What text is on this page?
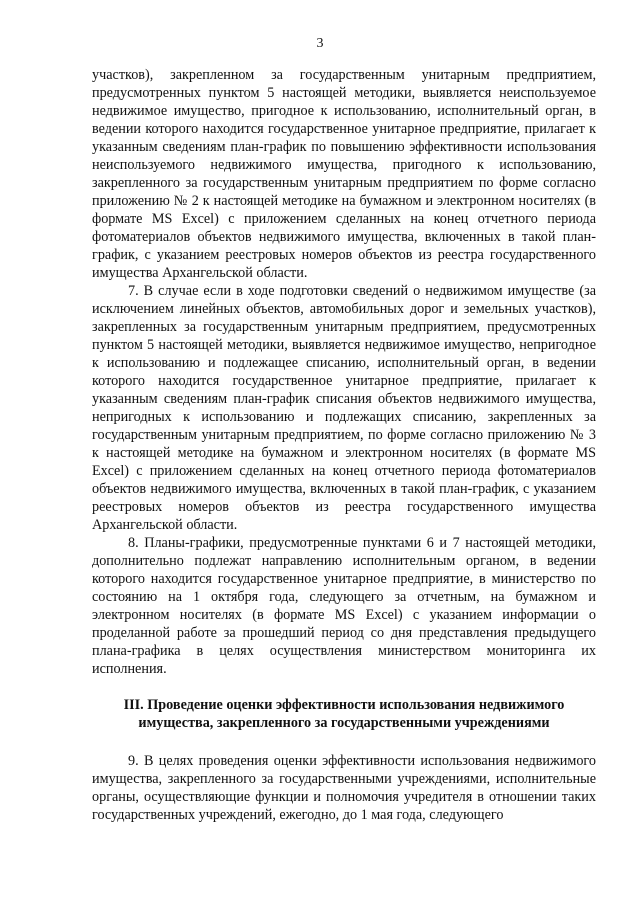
3

участков), закрепленном за государственным унитарным предприятием, предусмотренных пунктом 5 настоящей методики, выявляется неиспользуемое недвижимое имущество, пригодное к использованию, исполнительный орган, в ведении которого находится государственное унитарное предприятие, прилагает к указанным сведениям план-график по повышению эффективности использования неиспользуемого недвижимого имущества, пригодного к использованию, закрепленного за государственным унитарным предприятием по форме согласно приложению № 2 к настоящей методике на бумажном и электронном носителях (в формате MS Excel) с приложением сделанных на конец отчетного периода фотоматериалов объектов недвижимого имущества, включенных в такой план-график, с указанием реестровых номеров объектов из реестра государственного имущества Архангельской области.

7. В случае если в ходе подготовки сведений о недвижимом имуществе (за исключением линейных объектов, автомобильных дорог и земельных участков), закрепленных за государственным унитарным предприятием, предусмотренных пунктом 5 настоящей методики, выявляется недвижимое имущество, непригодное к использованию и подлежащее списанию, исполнительный орган, в ведении которого находится государственное унитарное предприятие, прилагает к указанным сведениям план-график списания объектов недвижимого имущества, непригодных к использованию и подлежащих списанию, закрепленных за государственным унитарным предприятием, по форме согласно приложению № 3 к настоящей методике на бумажном и электронном носителях (в формате MS Excel) с приложением сделанных на конец отчетного периода фотоматериалов объектов недвижимого имущества, включенных в такой план-график, с указанием реестровых номеров объектов из реестра государственного имущества Архангельской области.

8. Планы-графики, предусмотренные пунктами 6 и 7 настоящей методики, дополнительно подлежат направлению исполнительным органом, в ведении которого находится государственное унитарное предприятие, в министерство по состоянию на 1 октября года, следующего за отчетным, на бумажном и электронном носителях (в формате MS Excel) с указанием информации о проделанной работе за прошедший период со дня представления предыдущего плана-графика в целях осуществления министерством мониторинга их исполнения.

III. Проведение оценки эффективности использования недвижимого имущества, закрепленного за государственными учреждениями

9. В целях проведения оценки эффективности использования недвижимого имущества, закрепленного за государственными учреждениями, исполнительные органы, осуществляющие функции и полномочия учредителя в отношении таких государственных учреждений, ежегодно, до 1 мая года, следующего
